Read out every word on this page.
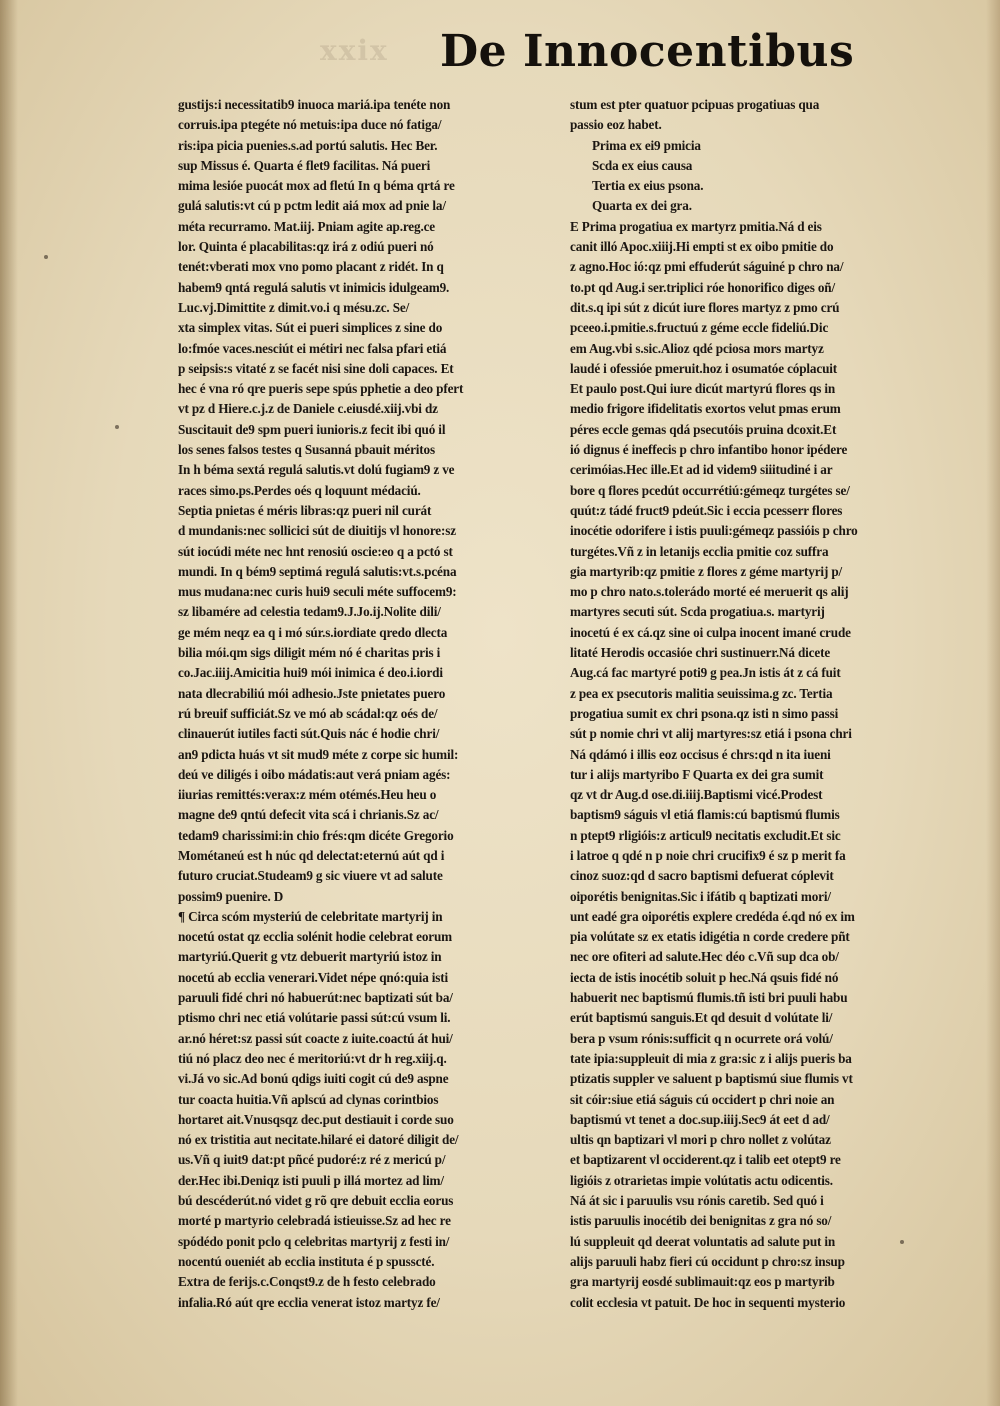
xxix	De Innocentibus
gustijs:i necessitatib9 inuoca mariá.ipa tenéte non
corruis.ipa ptegéte nó metuis:ipa duce nó fatiga/
ris:ipa picia puenies.s.ad portú salutis. Hec Ber.
sup Missus é. Quarta é flet9 facilitas. Ná pueri
mima lesióe puocát mox ad fletú In q béma qrtá re
gulá salutis:vt cú p pctm ledit aiá mox ad pnie la/
méta recurramo. Mat.iij. Pniam agite ap.reg.ce
lor. Quinta é placabilitas:qz irá z odiú pueri nó
tenét:vberati mox vno pomo placant z ridét. In q
habem9 qntá regulá salutis vt inimicis idulgeam9.
Luc.vj.Dimittite z dimit.vo.i q mésu.zc. Se/
xta simplex vitas. Sút ei pueri simplices z sine do
lo:fmóe vaces.nesciút ei métiri nec falsa pfari etiá
p seipsis:s vitaté z se facét nisi sine doli capaces. Et
hec é vna ró qre pueris sepe spús pphetie a deo pfert
vt pz d Hiere.c.j.z de Daniele c.eiusdé.xiij.vbi dz
Suscitauit de9 spm pueri iunioris.z fecit ibi quó il
los senes falsos testes q Susanná pbauit méritos
In h béma sextá regulá salutis.vt dolú fugiam9 z ve
races simo.ps.Perdes oés q loquunt médaciú.
Septia pnietas é méris libras:qz pueri nil curát
d mundanis:nec sollicici sút de diuitijs vl honore:sz
sút iocúdi méte nec hnt renosiú oscie:eo q a pctó st
mundi. In q bém9 septimá regulá salutis:vt.s.pcéna
mus mudana:nec curis hui9 seculi méte suffocem9:
sz libamére ad celestia tedam9.J.Jo.ij.Nolite dili/
ge mém neqz ea q i mó súr.s.iordiate qredo dlecta
bilia mói.qm sigs diligit mém nó é charitas pris i
co.Jac.iiij.Amicitia hui9 mói inimica é deo.i.iordi
nata dlecrabiliú mói adhesio.Jste pnietates puero
rú breuif sufficiát.Sz ve mó ab scádal:qz oés de/
clinauerút iutiles facti sút.Quis nác é hodie chri/
an9 pdicta huás vt sit mud9 méte z corpe sic humil:
deú ve diligés i oibo mádatis:aut verá pniam agés:
iiurias remittés:verax:z mém otémés.Heu heu o
magne de9 qntú defecit vita scá i chrianis.Sz ac/
tedam9 charissimi:in chio frés:qm dicéte Gregorio
Mométaneú est h núc qd delectat:eternú aút qd i
futuro cruciat.Studeam9 g sic viuere vt ad salute
possim9 puenire. D
¶ Circa scóm mysteriú de celebritate martyrij in
nocetú ostat qz ecclia solénit hodie celebrat eorum
martyriú.Querit g vtz debuerit martyriú istoz in
nocetú ab ecclia venerari.Videt népe qnó:quia isti
paruuli fidé chri nó habuerút:nec baptizati sút ba/
ptismo chri nec etiá volútarie passi sút:cú vsum li.
ar.nó héret:sz passi sút coacte z iuite.coactú át hui/
tiú nó placz deo nec é meritoriú:vt dr h reg.xiij.q.
vi.Já vo sic.Ad bonú qdigs iuiti cogit cú de9 aspne
tur coacta huitia.Vñ aplscú ad clynas corintbios
hortaret ait.Vnusqsqz dec.put destiauit i corde suo
nó ex tristitia aut necitate.hilaré ei datoré diligit de/
us.Vñ q iuit9 dat:pt pñcé pudoré:z ré z mericú p/
der.Hec ibi.Deniqz isti puuli p illá mortez ad lim/
bú descéderút.nó videt g rõ qre debuit ecclia eorus
morté p martyrio celebradá istieuisse.Sz ad hec re
spódédo ponit pclo q celebritas martyrij z festi in/
nocentú oueniét ab ecclia instituta é p spusscté.
Extra de ferijs.c.Conqst9.z de h festo celebrado
infalia.Ró aút qre ecclia venerat istoz martyz fe/
stum est pter quatuor pcipuas progatiuas qua
passio eoz habet.
Prima ex ei9 pmicia
Scda ex eius causa
Tertia ex eius psona.
Quarta ex dei gra.
E Prima progatiua ex martyrz pmitia.Ná d eis
canit illó Apoc.xiiij.Hi empti st ex oibo pmitie do
z agno.Hoc ió:qz pmi effuderút ságuiné p chro na/
to.pt qd Aug.i ser.triplici róe honorifico diges oñ/
dit.s.q ipi sút z dicút iure flores martyz z pmo crú
pceeo.i.pmitie.s.fructuú z géme eccle fideliú.Dic
em Aug.vbi s.sic.Alioz qdé pciosa mors martyz
laudé i ofessióe pmeruit.hoz i osumatóe cóplacuit
Et paulo post.Qui iure dicút martyrú flores qs in
medio frigore ifidelitatis exortos velut pmas erum
péres eccle gemas qdá psecutóis pruina dcoxit.Et
ió dignus é ineffecis p chro infantibo honor ipédere
cerimóias.Hec ille.Et ad id videm9 siiitudiné i ar
bore q flores pcedút occurrétiú:gémeqz turgétes se/
quút:z tádé fruct9 pdeút.Sic i eccia pcesserr flores
inocétie odorifere i istis puuli:gémeqz passióis p chro
turgétes.Vñ z in letanijs ecclia pmitie coz suffra
gia martyrib:qz pmitie z flores z géme martyrij p/
mo p chro nato.s.tolerádo morté eé meruerit qs alij
martyres secuti sút. Scda progatiua.s. martyrij
inocetú é ex cá.qz sine oi culpa inocent imané crude
litaté Herodis occasióe chri sustinuerr.Ná dicete
Aug.cá fac martyré poti9 g pea.Jn istis át z cá fuit
z pea ex psecutoris malitia seuissima.g zc. Tertia
progatiua sumit ex chri psona.qz isti n simo passi
sút p nomie chri vt alij martyres:sz etiá i psona chri
Ná qdámó i illis eoz occisus é chrs:qd n ita iueni
tur i alijs martyribo F Quarta ex dei gra sumit
qz vt dr Aug.d ose.di.iiij.Baptismi vicé.Prodest
baptism9 ságuis vl etiá flamis:cú baptismú flumis
n ptept9 rligióis:z articul9 necitatis excludit.Et sic
i latroe q qdé n p noie chri crucifix9 é sz p merit fa
cinoz suoz:qd d sacro baptismi defuerat cóplevit
oiporétis benignitas.Sic i ifátib q baptizati mori/
unt eadé gra oiporétis explere credéda é.qd nó ex im
pia volútate sz ex etatis idigétia n corde credere pñt
nec ore ofiteri ad salute.Hec déo c.Vñ sup dca ob/
iecta de istis inocétib soluit p hec.Ná qsuis fidé nó
habuerit nec baptismú flumis.tñ isti bri puuli habu
erút baptismú sanguis.Et qd desuit d volútate li/
bera p vsum rónis:sufficit q n ocurrete orá volú/
tate ipia:suppleuit di mia z gra:sic z i alijs pueris ba
ptizatis suppler ve saluent p baptismú siue flumis vt
sit cóir:siue etiá ságuis cú occidert p chri noie an
baptismú vt tenet a doc.sup.iiij.Sec9 át eet d ad/
ultis qn baptizari vl mori p chro nollet z volútaz
et baptizarent vl occiderent.qz i talib eet otept9 re
ligióis z otrarietas impie volútatis actu odicentis.
Ná át sic i paruulis vsu rónis caretib. Sed quó i
istis paruulis inocétib dei benignitas z gra nó so/
lú suppleuit qd deerat voluntatis ad salute put in
alijs paruuli habz fieri cú occidunt p chro:sz insup
gra martyrij eosdé sublimauit:qz eos p martyrib
colit ecclesia vt patuit. De hoc in sequenti mysterio
